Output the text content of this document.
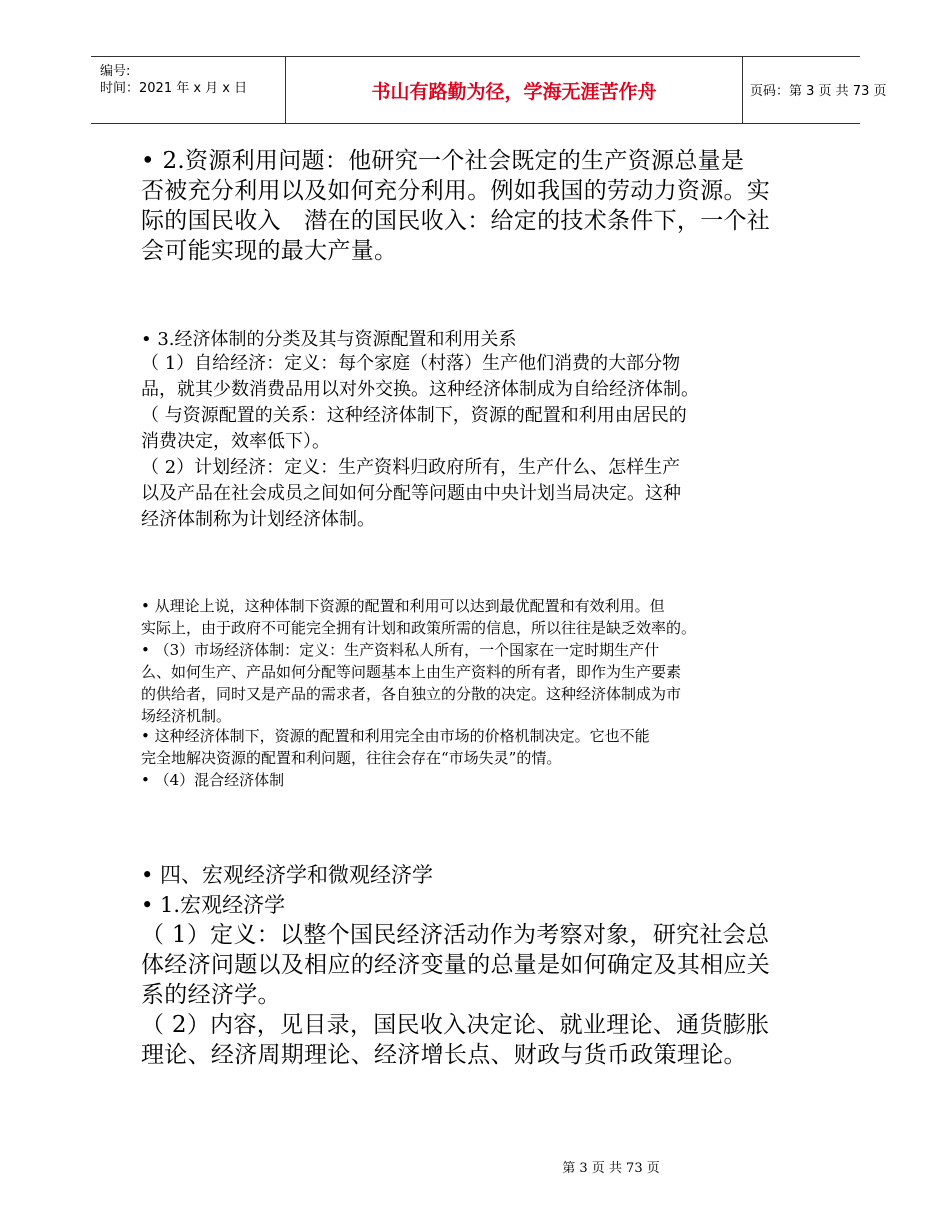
编号:
时间：2021 年 x 月 x 日	书山有路勤为径，学海无涯苦作舟	页码：第 3 页 共 73 页
• 2.资源利用问题：他研究一个社会既定的生产资源总量是
否被充分利用以及如何充分利用。例如我国的劳动力资源。实
际的国民收入　潜在的国民收入：给定的技术条件下，一个社
会可能实现的最大产量。
• 3.经济体制的分类及其与资源配置和利用关系
（ 1）自给经济：定义：每个家庭（村落）生产他们消费的大部分物
品，就其少数消费品用以对外交换。这种经济体制成为自给经济体制。
（ 与资源配置的关系：这种经济体制下，资源的配置和利用由居民的
消费决定，效率低下）。
（ 2）计划经济：定义：生产资料归政府所有，生产什么、怎样生产
以及产品在社会成员之间如何分配等问题由中央计划当局决定。这种
经济体制称为计划经济体制。
• 从理论上说，这种体制下资源的配置和利用可以达到最优配置和有效利用。但
实际上，由于政府不可能完全拥有计划和政策所需的信息，所以往往是缺乏效率的。
• （3）市场经济体制：定义：生产资料私人所有，一个国家在一定时期生产什
么、如何生产、产品如何分配等问题基本上由生产资料的所有者，即作为生产要素
的供给者，同时又是产品的需求者，各自独立的分散的决定。这种经济体制成为市
场经济机制。
• 这种经济体制下，资源的配置和利用完全由市场的价格机制决定。它也不能
完全地解决资源的配置和利问题，往往会存在“市场失灵”的情。
• （4）混合经济体制
• 四、宏观经济学和微观经济学
• 1.宏观经济学
（ 1）定义：以整个国民经济活动作为考察对象，研究社会总
体经济问题以及相应的经济变量的总量是如何确定及其相应关
系的经济学。
（ 2）内容，见目录，国民收入决定论、就业理论、通货膨胀
理论、经济周期理论、经济增长点、财政与货币政策理论。
第 3 页 共 73 页
